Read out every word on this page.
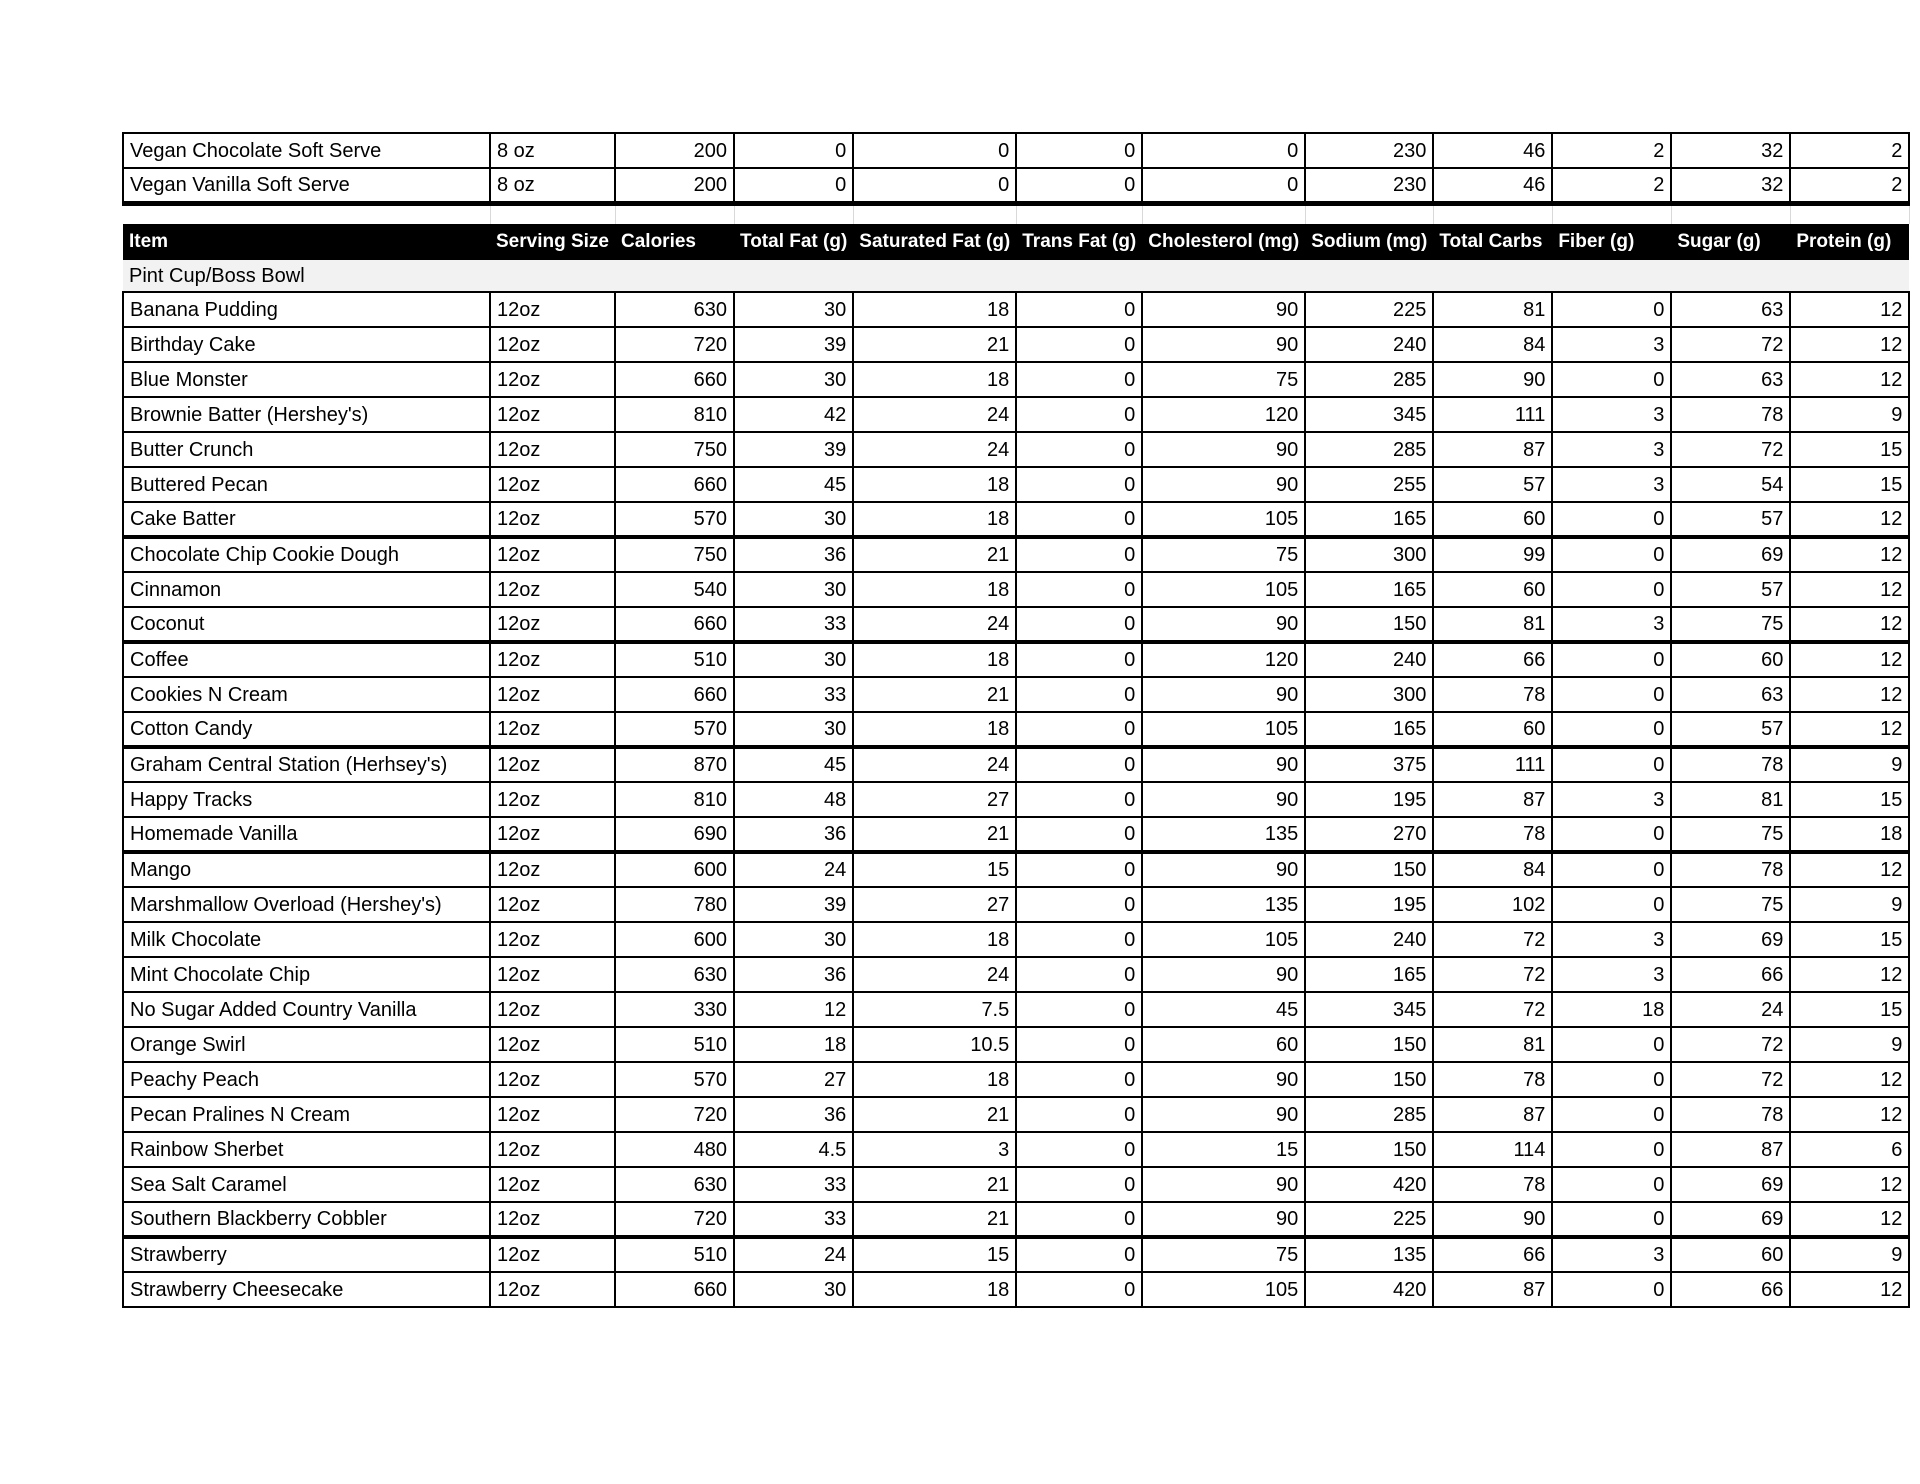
Vegan Chocolate Soft Serve	8 oz	200	0	0	0	0	230	46	2	32	2
Vegan Vanilla Soft Serve	8 oz	200	0	0	0	0	230	46	2	32	2

Item	Serving Size	Calories	Total Fat (g)	Saturated Fat (g)	Trans Fat (g)	Cholesterol (mg)	Sodium (mg)	Total Carbs	Fiber (g)	Sugar (g)	Protein (g)
Pint Cup/Boss Bowl											
Banana Pudding	12oz	630	30	18	0	90	225	81	0	63	12
Birthday Cake	12oz	720	39	21	0	90	240	84	3	72	12
Blue Monster	12oz	660	30	18	0	75	285	90	0	63	12
Brownie Batter (Hershey's)	12oz	810	42	24	0	120	345	111	3	78	9
Butter Crunch	12oz	750	39	24	0	90	285	87	3	72	15
Buttered Pecan	12oz	660	45	18	0	90	255	57	3	54	15
Cake Batter	12oz	570	30	18	0	105	165	60	0	57	12
Chocolate Chip Cookie Dough	12oz	750	36	21	0	75	300	99	0	69	12
Cinnamon	12oz	540	30	18	0	105	165	60	0	57	12
Coconut	12oz	660	33	24	0	90	150	81	3	75	12
Coffee	12oz	510	30	18	0	120	240	66	0	60	12
Cookies N Cream	12oz	660	33	21	0	90	300	78	0	63	12
Cotton Candy	12oz	570	30	18	0	105	165	60	0	57	12
Graham Central Station (Herhsey's)	12oz	870	45	24	0	90	375	111	0	78	9
Happy Tracks	12oz	810	48	27	0	90	195	87	3	81	15
Homemade Vanilla	12oz	690	36	21	0	135	270	78	0	75	18
Mango	12oz	600	24	15	0	90	150	84	0	78	12
Marshmallow Overload (Hershey's)	12oz	780	39	27	0	135	195	102	0	75	9
Milk Chocolate	12oz	600	30	18	0	105	240	72	3	69	15
Mint Chocolate Chip	12oz	630	36	24	0	90	165	72	3	66	12
No Sugar Added Country Vanilla	12oz	330	12	7.5	0	45	345	72	18	24	15
Orange Swirl	12oz	510	18	10.5	0	60	150	81	0	72	9
Peachy Peach	12oz	570	27	18	0	90	150	78	0	72	12
Pecan Pralines N Cream	12oz	720	36	21	0	90	285	87	0	78	12
Rainbow Sherbet	12oz	480	4.5	3	0	15	150	114	0	87	6
Sea Salt Caramel	12oz	630	33	21	0	90	420	78	0	69	12
Southern Blackberry Cobbler	12oz	720	33	21	0	90	225	90	0	69	12
Strawberry	12oz	510	24	15	0	75	135	66	3	60	9
Strawberry Cheesecake	12oz	660	30	18	0	105	420	87	0	66	12
